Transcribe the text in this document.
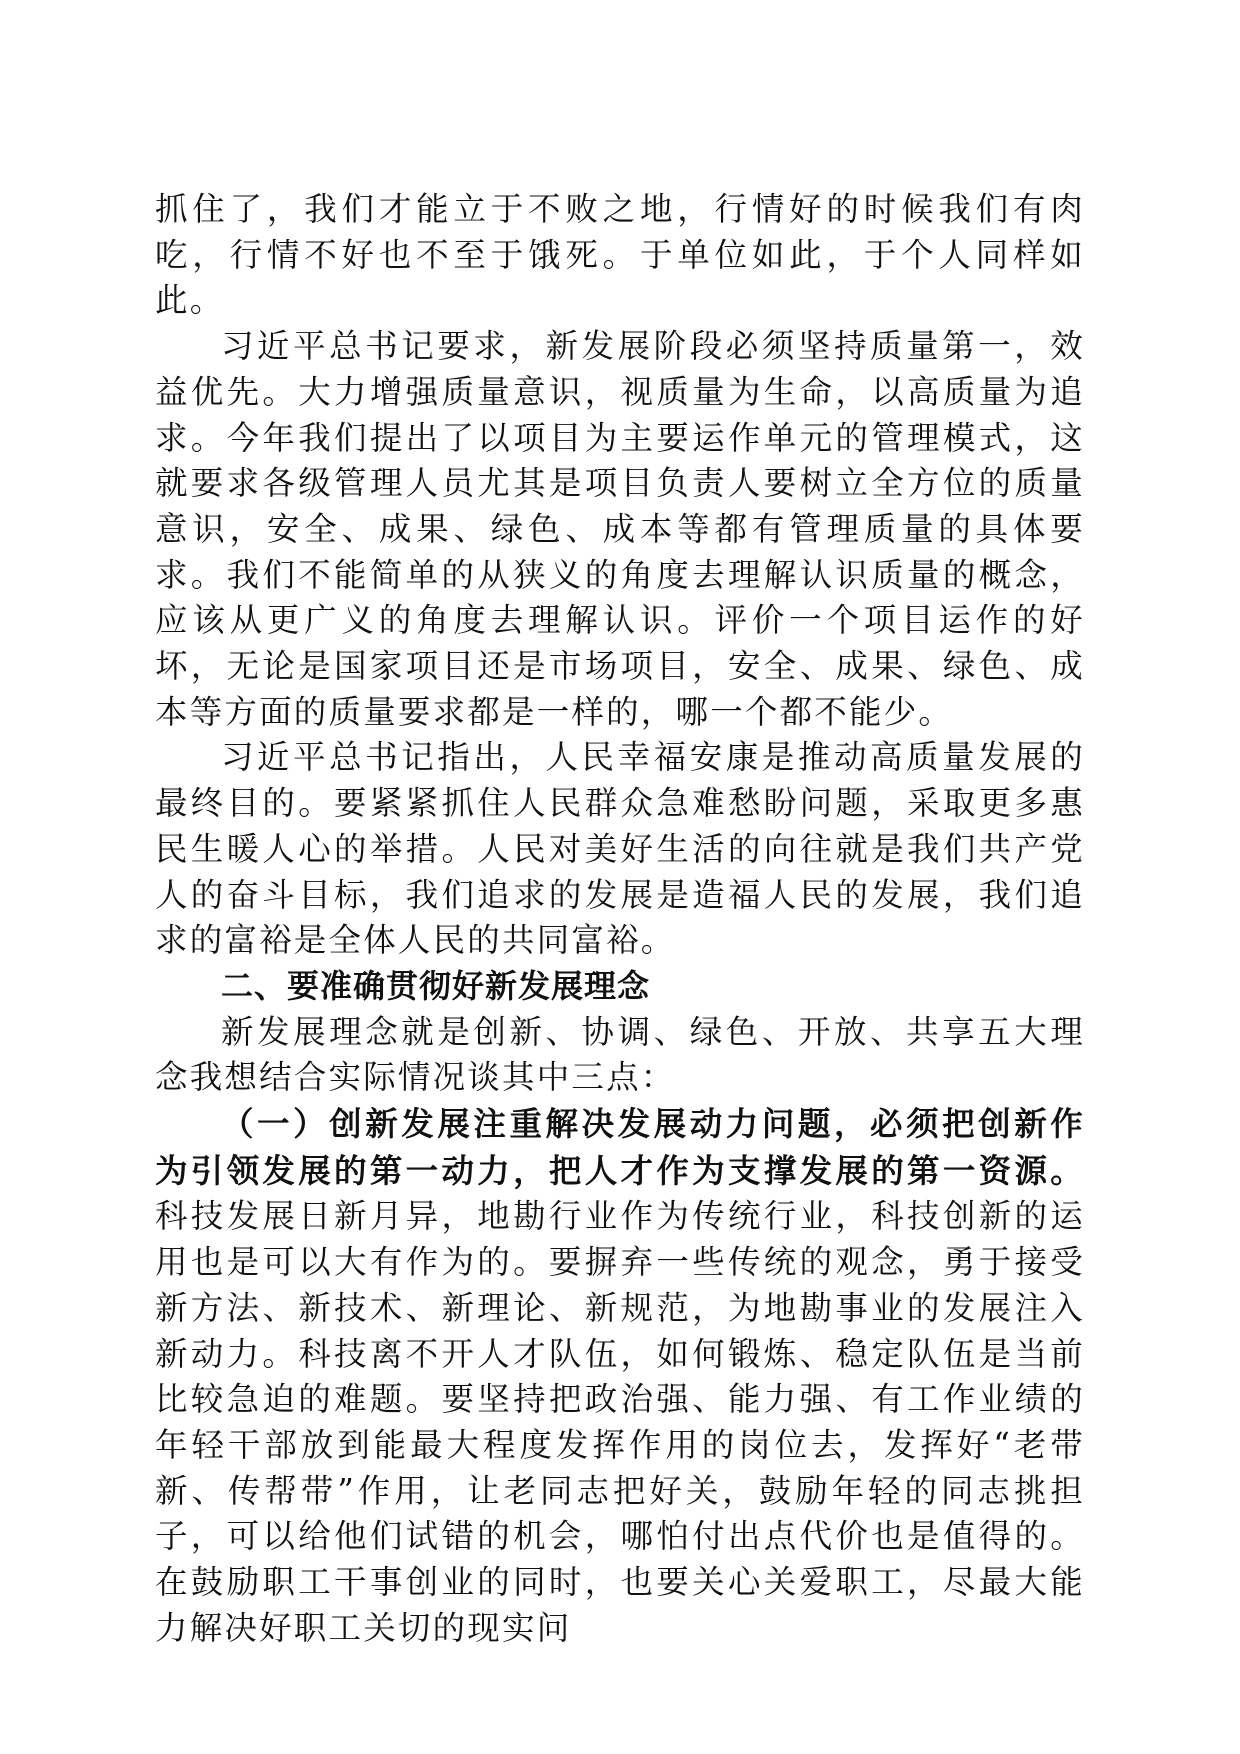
抓住了，我们才能立于不败之地，行情好的时候我们有肉吃，行情不好也不至于饿死。于单位如此，于个人同样如此。

习近平总书记要求，新发展阶段必须坚持质量第一，效益优先。大力增强质量意识，视质量为生命，以高质量为追求。今年我们提出了以项目为主要运作单元的管理模式，这就要求各级管理人员尤其是项目负责人要树立全方位的质量意识，安全、成果、绿色、成本等都有管理质量的具体要求。我们不能简单的从狭义的角度去理解认识质量的概念，应该从更广义的角度去理解认识。评价一个项目运作的好坏，无论是国家项目还是市场项目，安全、成果、绿色、成本等方面的质量要求都是一样的，哪一个都不能少。

习近平总书记指出，人民幸福安康是推动高质量发展的最终目的。要紧紧抓住人民群众急难愁盼问题，采取更多惠民生暖人心的举措。人民对美好生活的向往就是我们共产党人的奋斗目标，我们追求的发展是造福人民的发展，我们追求的富裕是全体人民的共同富裕。

二、要准确贯彻好新发展理念

新发展理念就是创新、协调、绿色、开放、共享五大理念我想结合实际情况谈其中三点：

（一）创新发展注重解决发展动力问题，必须把创新作为引领发展的第一动力，把人才作为支撑发展的第一资源。科技发展日新月异，地勘行业作为传统行业，科技创新的运用也是可以大有作为的。要摒弃一些传统的观念，勇于接受新方法、新技术、新理论、新规范，为地勘事业的发展注入新动力。科技离不开人才队伍，如何锻炼、稳定队伍是当前比较急迫的难题。要坚持把政治强、能力强、有工作业绩的年轻干部放到能最大程度发挥作用的岗位去，发挥好“老带新、传帮带”作用，让老同志把好关，鼓励年轻的同志挑担子，可以给他们试错的机会，哪怕付出点代价也是值得的。在鼓励职工干事创业的同时，也要关心关爱职工，尽最大能力解决好职工关切的现实问
